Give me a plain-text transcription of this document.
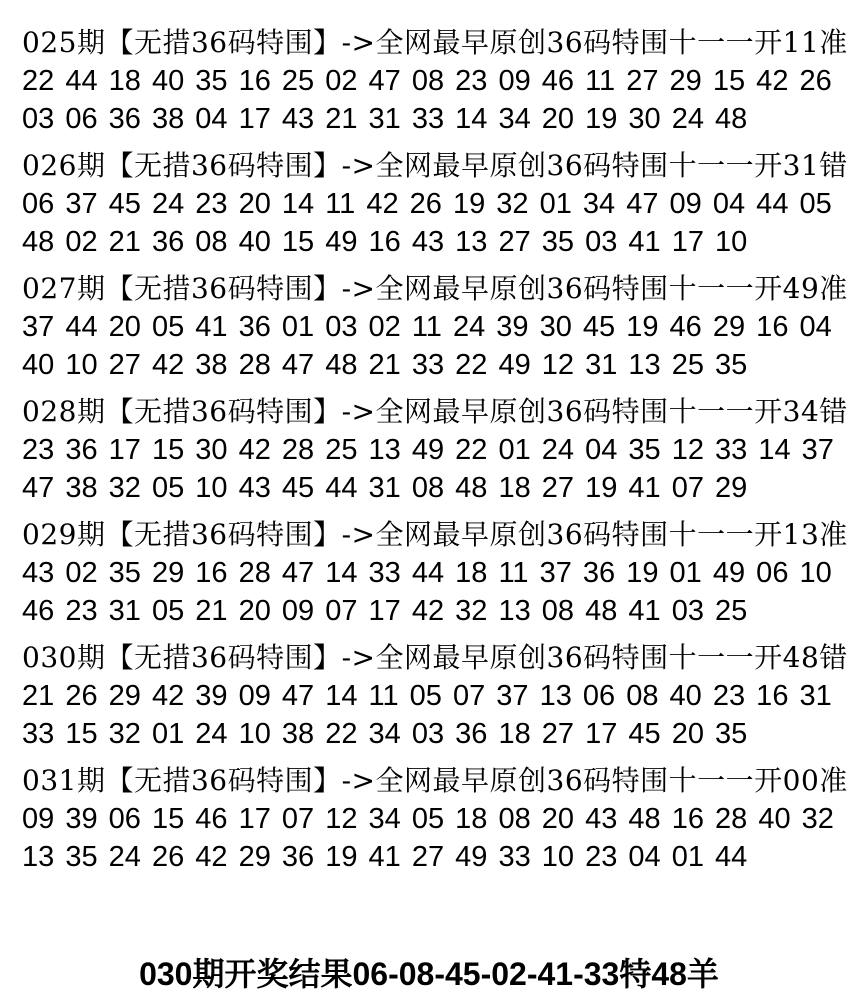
025期【无措36码特围】->全网最早原创36码特围十一一开11准

22 44 18 40 35 16 25 02 47 08 23 09 46 11 27 29 15 42 26

03 06 36 38 04 17 43 21 31 33 14 34 20 19 30 24 48

026期【无措36码特围】->全网最早原创36码特围十一一开31错

06 37 45 24 23 20 14 11 42 26 19 32 01 34 47 09 04 44 05

48 02 21 36 08 40 15 49 16 43 13 27 35 03 41 17 10

027期【无措36码特围】->全网最早原创36码特围十一一开49准

37 44 20 05 41 36 01 03 02 11 24 39 30 45 19 46 29 16 04

40 10 27 42 38 28 47 48 21 33 22 49 12 31 13 25 35

028期【无措36码特围】->全网最早原创36码特围十一一开34错

23 36 17 15 30 42 28 25 13 49 22 01 24 04 35 12 33 14 37

47 38 32 05 10 43 45 44 31 08 48 18 27 19 41 07 29

029期【无措36码特围】->全网最早原创36码特围十一一开13准

43 02 35 29 16 28 47 14 33 44 18 11 37 36 19 01 49 06 10

46 23 31 05 21 20 09 07 17 42 32 13 08 48 41 03 25

030期【无措36码特围】->全网最早原创36码特围十一一开48错

21 26 29 42 39 09 47 14 11 05 07 37 13 06 08 40 23 16 31

33 15 32 01 24 10 38 22 34 03 36 18 27 17 45 20 35

031期【无措36码特围】->全网最早原创36码特围十一一开00准

09 39 06 15 46 17 07 12 34 05 18 08 20 43 48 16 28 40 32

13 35 24 26 42 29 36 19 41 27 49 33 10 23 04 01 44

030期开奖结果06-08-45-02-41-33特48羊
